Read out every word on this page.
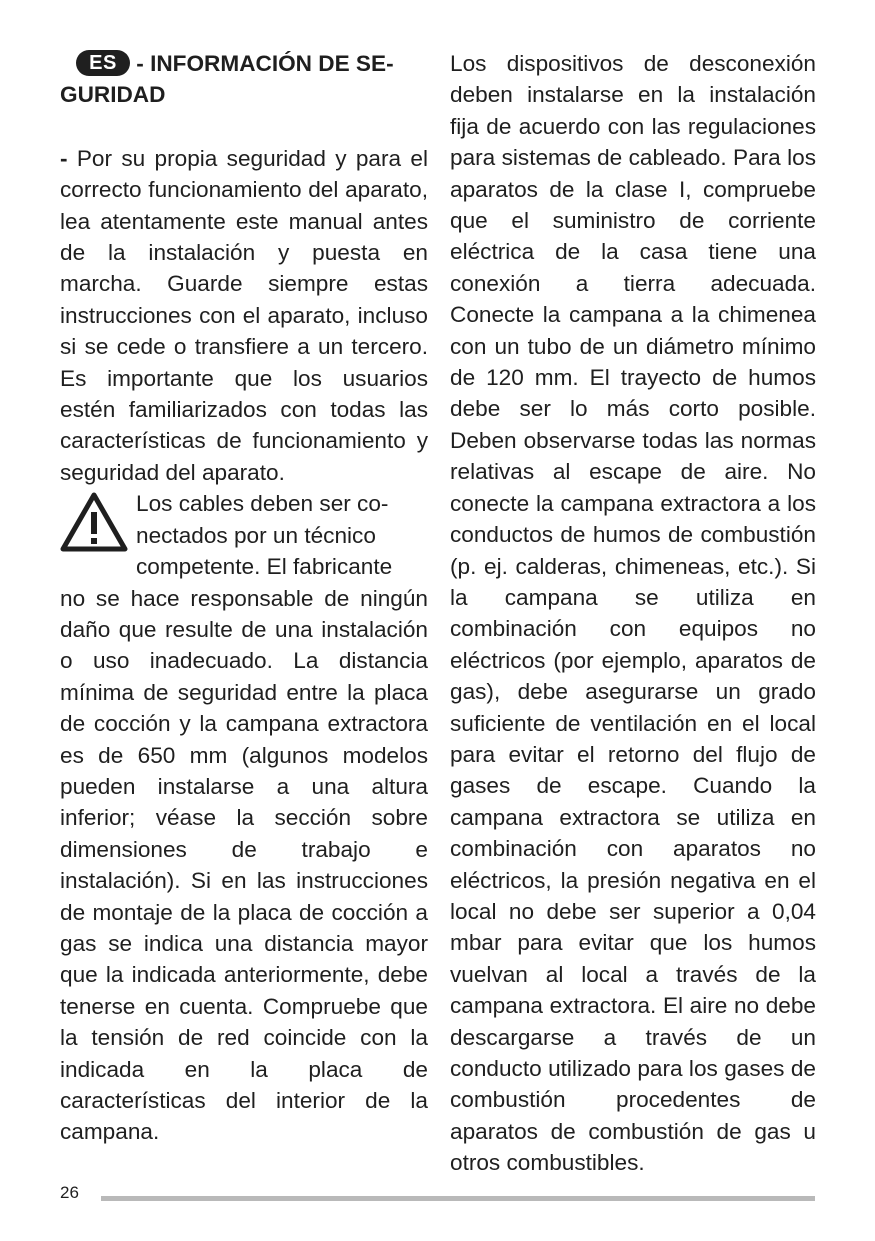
ES - INFORMACIÓN DE SE-
GURIDAD

- Por su propia seguridad y para el correcto funcionamiento del aparato, lea atentamente este manual antes de la instalación y puesta en marcha. Guarde siempre estas instrucciones con el aparato, incluso si se cede o transfiere a un tercero. Es importante que los usuarios estén familiarizados con todas las características de funcionamiento y seguridad del aparato.

Los cables deben ser co-
nectados por un técnico
competente. El fabricante

no se hace responsable de ningún daño que resulte de una instalación o uso inadecuado. La distancia mínima de seguridad entre la placa de cocción y la campana extractora es de 650 mm (algunos modelos pueden instalarse a una altura inferior; véase la sección sobre dimensiones de trabajo e instalación). Si en las instrucciones de montaje de la placa de cocción a gas se indica una distancia mayor que la indicada anteriormente, debe tenerse en cuenta. Compruebe que la tensión de red coincide con la indicada en la placa de características del interior de la campana.

Los dispositivos de desconexión deben instalarse en la instalación fija de acuerdo con las regulaciones para sistemas de cableado. Para los aparatos de la clase I, compruebe que el suministro de corriente eléctrica de la casa tiene una conexión a tierra adecuada. Conecte la campana a la chimenea con un tubo de un diámetro mínimo de 120 mm. El trayecto de humos debe ser lo más corto posible. Deben observarse todas las normas relativas al escape de aire. No conecte la campana extractora a los conductos de humos de combustión (p. ej. calderas, chimeneas, etc.). Si la campana se utiliza en combinación con equipos no eléctricos (por ejemplo, aparatos de gas), debe asegurarse un grado suficiente de ventilación en el local para evitar el retorno del flujo de gases de escape. Cuando la campana extractora se utiliza en combinación con aparatos no eléctricos, la presión negativa en el local no debe ser superior a 0,04 mbar para evitar que los humos vuelvan al local a través de la campana extractora. El aire no debe descargarse a través de un conducto utilizado para los gases de combustión procedentes de aparatos de combustión de gas u otros combustibles.

26
